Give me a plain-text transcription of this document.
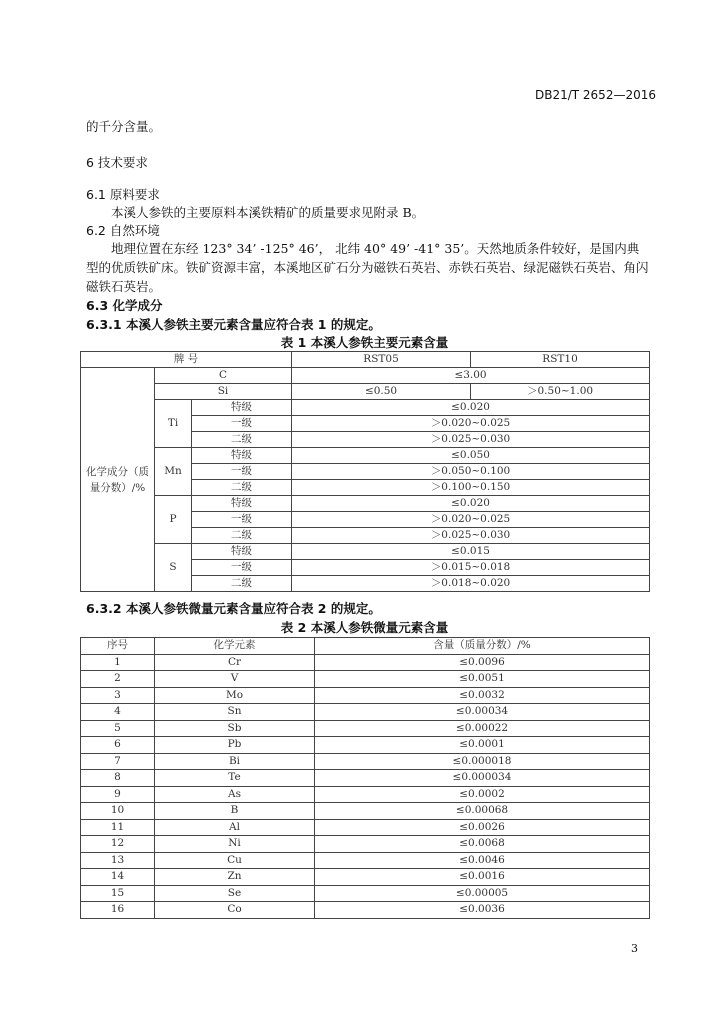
DB21/T 2652—2016
的千分含量。
6 技术要求
6.1 原料要求
本溪人参铁的主要原料本溪铁精矿的质量要求见附录 B。
6.2 自然环境
地理位置在东经 123° 34’ -125° 46’， 北纬 40° 49’ -41° 35’。天然地质条件较好，是国内典
型的优质铁矿床。铁矿资源丰富，本溪地区矿石分为磁铁石英岩、赤铁石英岩、绿泥磁铁石英岩、角闪
磁铁石英岩。
6.3 化学成分
6.3.1 本溪人参铁主要元素含量应符合表 1 的规定。
表 1 本溪人参铁主要元素含量
牌 号			RST05	RST10
化学成分（质量分数）/%	C		≤3.00	
	Si		≤0.50	＞0.50~1.00
	Ti	特级	≤0.020	
		一级	＞0.020~0.025	
		二级	＞0.025~0.030	
	Mn	特级	≤0.050	
		一级	＞0.050~0.100	
		二级	＞0.100~0.150	
	P	特级	≤0.020	
		一级	＞0.020~0.025	
		二级	＞0.025~0.030	
	S	特级	≤0.015	
		一级	＞0.015~0.018	
		二级	＞0.018~0.020	
6.3.2 本溪人参铁微量元素含量应符合表 2 的规定。
表 2 本溪人参铁微量元素含量
序号	化学元素	含量（质量分数）/%
1	Cr	≤0.0096
2	V	≤0.0051
3	Mo	≤0.0032
4	Sn	≤0.00034
5	Sb	≤0.00022
6	Pb	≤0.0001
7	Bi	≤0.000018
8	Te	≤0.000034
9	As	≤0.0002
10	B	≤0.00068
11	Al	≤0.0026
12	Ni	≤0.0068
13	Cu	≤0.0046
14	Zn	≤0.0016
15	Se	≤0.00005
16	Co	≤0.0036
3
